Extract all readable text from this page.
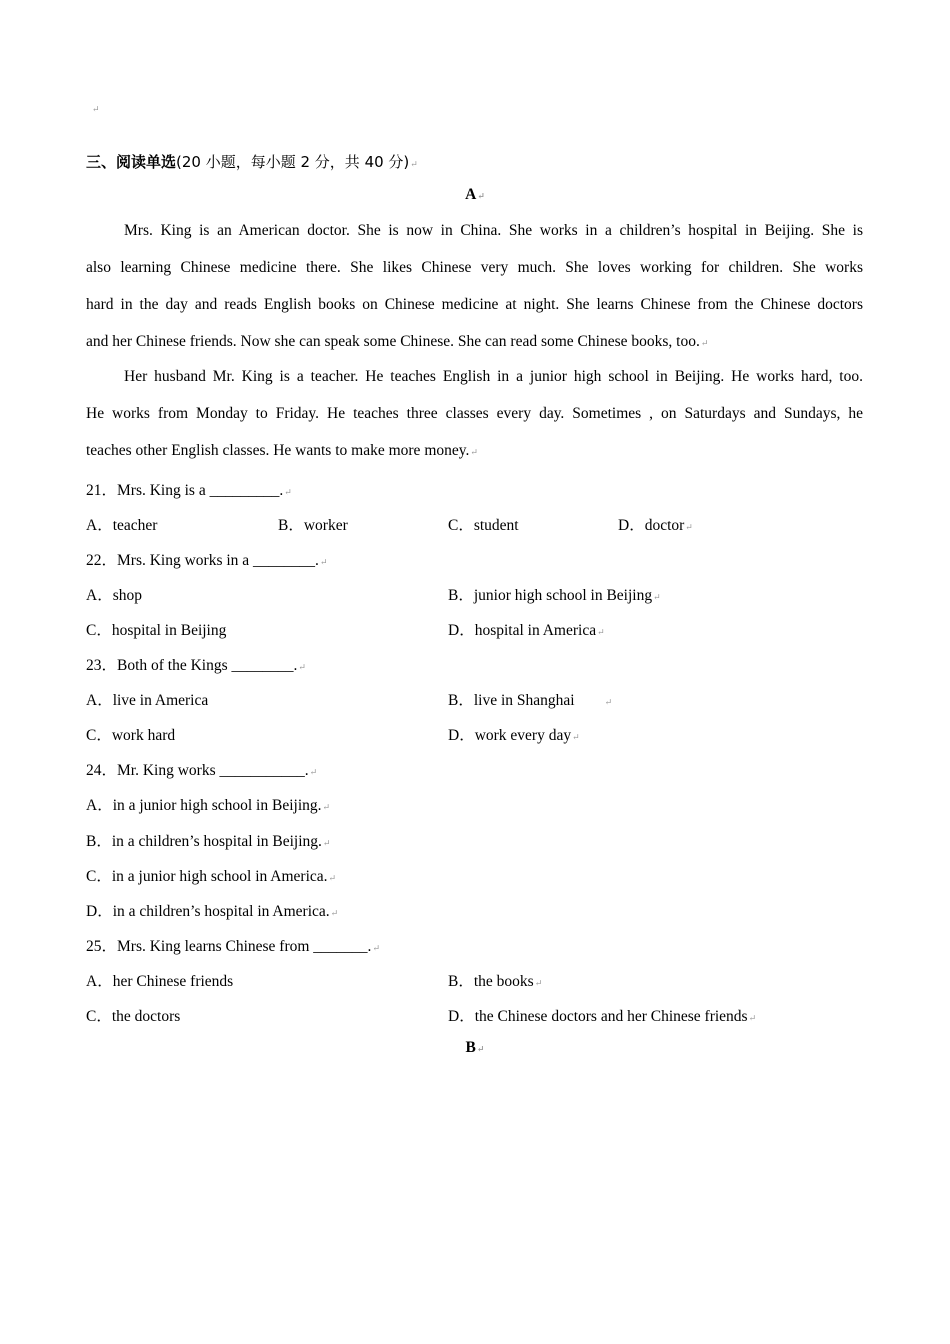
↵
三、阅读单选(20 小题，每小题 2 分，共 40 分)↵
A↵
Mrs. King is an American doctor. She is now in China. She works in a children’s hospital in Beijing. She is
also learning Chinese medicine there. She likes Chinese very much. She loves working for children. She works
hard in the day and reads English books on Chinese medicine at night. She learns Chinese from the Chinese doctors
and her Chinese friends. Now she can speak some Chinese. She can read some Chinese books, too.↵
Her husband Mr. King is a teacher. He teaches English in a junior high school in Beijing. He works hard, too.
He works from Monday to Friday. He teaches three classes every day. Sometimes , on Saturdays and Sundays, he
teaches other English classes. He wants to make more money.↵
21．Mrs. King is a _________.↵
A．teacher	B．worker	C．student	D．doctor↵
22．Mrs. King works in a ________.↵
A．shop	B．junior high school in Beijing↵
C．hospital in Beijing	D．hospital in America↵
23．Both of the Kings ________.↵
A．live in America	B．live in Shanghai	↵
C．work hard	D．work every day↵
24．Mr. King works ___________.↵
A．in a junior high school in Beijing.↵
B．in a children’s hospital in Beijing.↵
C．in a junior high school in America.↵
D．in a children’s hospital in America.↵
25．Mrs. King learns Chinese from _______.↵
A．her Chinese friends	B．the books↵
C．the doctors	D．the Chinese doctors and her Chinese friends↵
B↵
